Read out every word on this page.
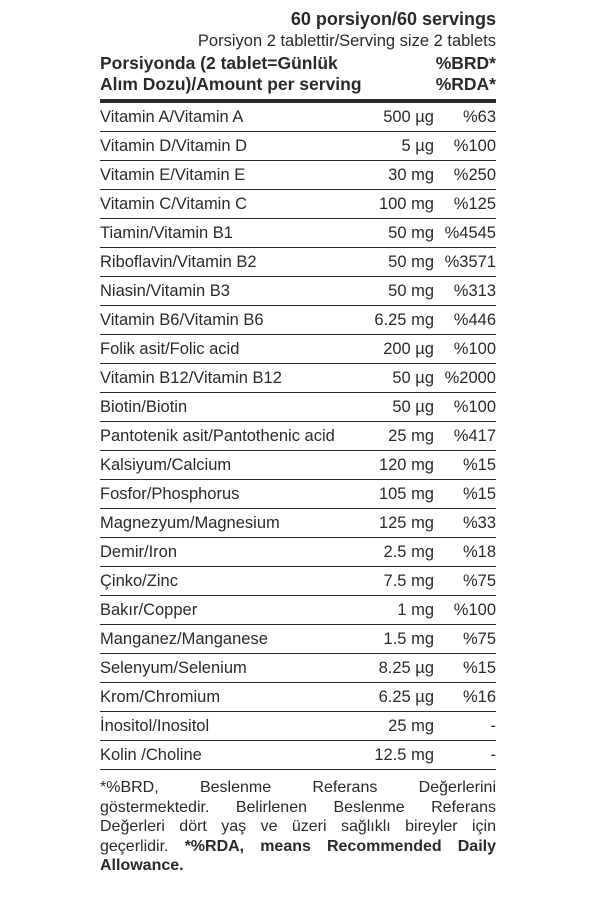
60 porsiyon/60 servings
Porsiyon 2 tablettir/Serving size 2 tablets
Porsiyonda (2 tablet=Günlük
Alım Dozu)/Amount per serving
%BRD*
%RDA*
Vitamin A/Vitamin A	500 µg	%63
Vitamin D/Vitamin D	5 µg	%100
Vitamin E/Vitamin E	30 mg	%250
Vitamin C/Vitamin C	100 mg	%125
Tiamin/Vitamin B1	50 mg %4545
Riboflavin/Vitamin B2	50 mg %3571
Niasin/Vitamin B3	50 mg	%313
Vitamin B6/Vitamin B6	6.25 mg	%446
Folik asit/Folic acid	200 µg	%100
Vitamin B12/Vitamin B12	50 µg %2000
Biotin/Biotin	50 µg	%100
Pantotenik asit/Pantothenic acid	25 mg	%417
Kalsiyum/Calcium	120 mg	%15
Fosfor/Phosphorus	105 mg	%15
Magnezyum/Magnesium	125 mg	%33
Demir/Iron	2.5 mg	%18
Çinko/Zinc	7.5 mg	%75
Bakır/Copper	1 mg	%100
Manganez/Manganese	1.5 mg	%75
Selenyum/Selenium	8.25 µg	%15
Krom/Chromium	6.25 µg	%16
İnositol/Inositol	25 mg	-
Kolin /Choline	12.5 mg	-
*%BRD, Beslenme Referans Değerlerini göstermektedir. Belirlenen Beslenme Referans Değerleri dört yaş ve üzeri sağlıklı bireyler için geçerlidir. *%RDA, means Recommended Daily Allowance.
